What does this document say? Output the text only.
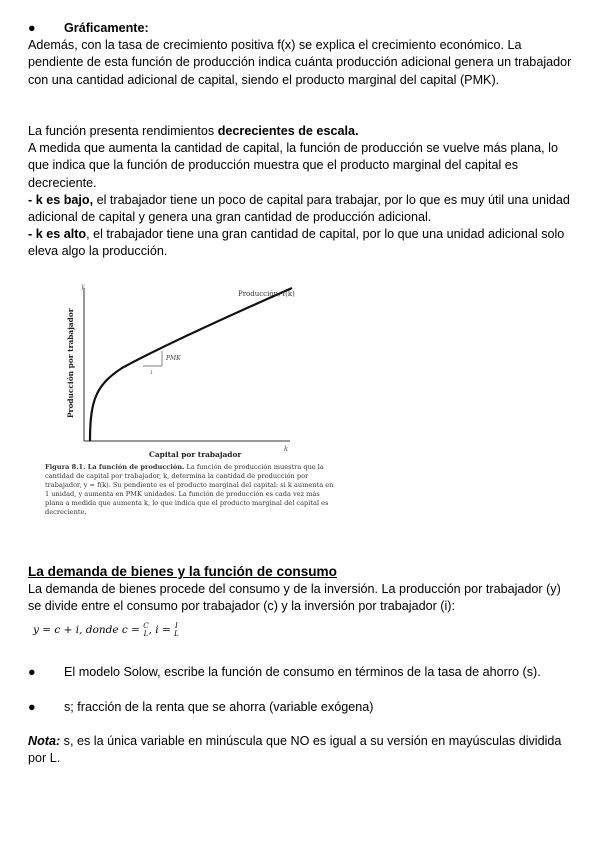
● Gráficamente:
Además, con la tasa de crecimiento positiva f(x) se explica el crecimiento económico. La pendiente de esta función de producción indica cuánta producción adicional genera un trabajador con una cantidad adicional de capital, siendo el producto marginal del capital (PMK).
La función presenta rendimientos decrecientes de escala.
A medida que aumenta la cantidad de capital, la función de producción se vuelve más plana, lo que indica que la función de producción muestra que el producto marginal del capital es decreciente.
- k es bajo, el trabajador tiene un poco de capital para trabajar, por lo que es muy útil una unidad adicional de capital y genera una gran cantidad de producción adicional.
- k es alto, el trabajador tiene una gran cantidad de capital, por lo que una unidad adicional solo eleva algo la producción.
y
k
PMK
1
Producción, f(k)
Producción por trabajador
Capital por trabajador
Figura 8.1. La función de producción. La función de producción muestra que la cantidad de capital por trabajador, k, determina la cantidad de producción por trabajador, y = f(k). Su pendiente es el producto marginal del capital: si k aumenta en 1 unidad, y aumenta en PMK unidades. La función de producción es cada vez más plana a medida que aumenta k, lo que indica que el producto marginal del capital es decreciente.
La demanda de bienes y la función de consumo
La demanda de bienes procede del consumo y de la inversión. La producción por trabajador (y) se divide entre el consumo por trabajador (c) y la inversión por trabajador (i):
y = c + i, donde c = C
L, i = I
L
● El modelo Solow, escribe la función de consumo en términos de la tasa de ahorro (s).
● s; fracción de la renta que se ahorra (variable exógena)
Nota: s, es la única variable en minúscula que NO es igual a su versión en mayúsculas dividida por L.
